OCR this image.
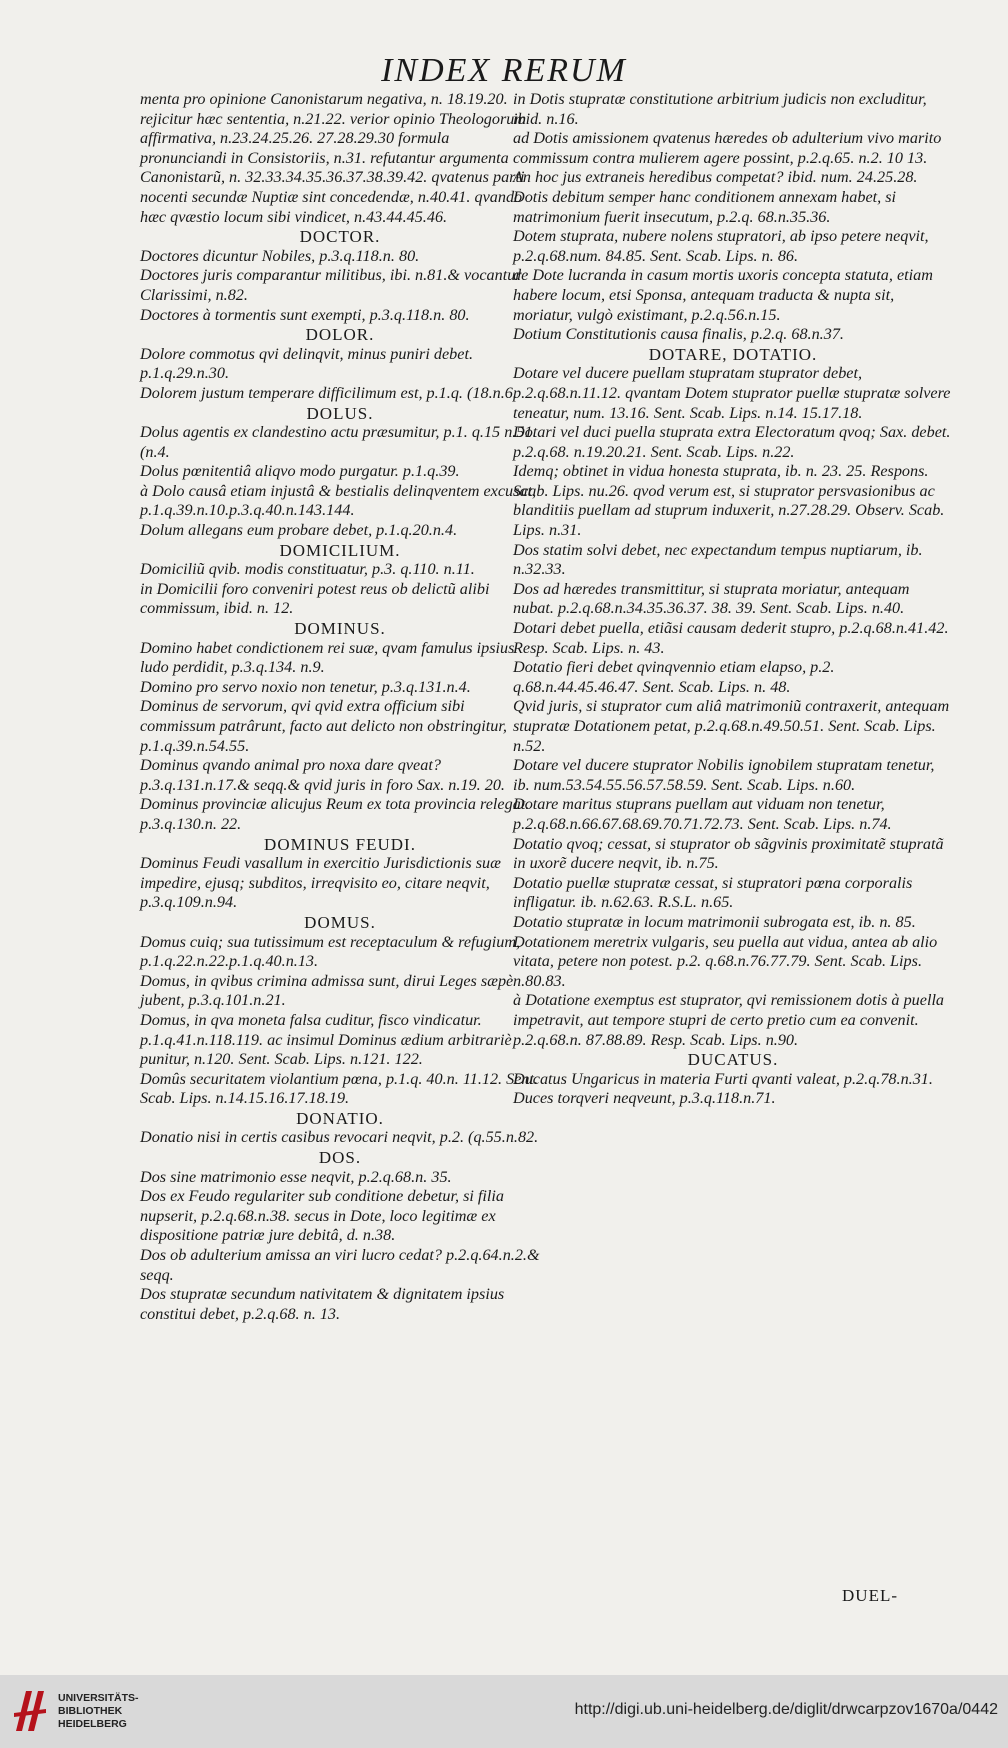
INDEX RERUM

menta pro opinione Canonistarum negativa, n. 18.19.20. rejicitur hæc sententia, n.21.22. verior opinio Theologorum affirmativa, n.23.24.25.26. 27.28.29.30 formula pronunciandi in Consistoriis, n.31. refutantur argumenta Canonistarũ, n. 32.33.34.35.36.37.38.39.42. qvatenus parti nocenti secundæ Nuptiæ sint concedendæ, n.40.41. qvando hæc qvæstio locum sibi vindicet, n.43.44.45.46.

DOCTOR.

Doctores dicuntur Nobiles, p.3.q.118.n. 80.

Doctores juris comparantur militibus, ibi. n.81.& vocantur Clarissimi, n.82.

Doctores à tormentis sunt exempti, p.3.q.118.n. 80.

DOLOR.

Dolore commotus qvi delinqvit, minus puniri debet. p.1.q.29.n.30.

Dolorem justum temperare difficilimum est, p.1.q. (18.n.6.

DOLUS.

Dolus agentis ex clandestino actu præsumitur, p.1. q.15 n.51. (n.4.

Dolus pœnitentiâ aliqvo modo purgatur. p.1.q.39.

à Dolo causâ etiam injustâ & bestialis delinqventem excusat, p.1.q.39.n.10.p.3.q.40.n.143.144.

Dolum allegans eum probare debet, p.1.q.20.n.4.

DOMICILIUM.

Domiciliũ qvib. modis constituatur, p.3. q.110. n.11.

in Domicilii foro conveniri potest reus ob delictũ alibi commissum, ibid. n. 12.

DOMINUS.

Domino habet condictionem rei suæ, qvam famulus ipsius ludo perdidit, p.3.q.134. n.9.

Domino pro servo noxio non tenetur, p.3.q.131.n.4.

Dominus de servorum, qvi qvid extra officium sibi commissum patrârunt, facto aut delicto non obstringitur, p.1.q.39.n.54.55.

Dominus qvando animal pro noxa dare qveat? p.3.q.131.n.17.& seqq.& qvid juris in foro Sax. n.19. 20.

Dominus provinciæ alicujus Reum ex tota provincia relegat. p.3.q.130.n. 22.

DOMINUS FEUDI.

Dominus Feudi vasallum in exercitio Jurisdictionis suæ impedire, ejusq; subditos, irreqvisito eo, citare neqvit, p.3.q.109.n.94.

DOMUS.

Domus cuiq; sua tutissimum est receptaculum & refugium, p.1.q.22.n.22.p.1.q.40.n.13.

Domus, in qvibus crimina admissa sunt, dirui Leges sæpè jubent, p.3.q.101.n.21.

Domus, in qva moneta falsa cuditur, fisco vindicatur. p.1.q.41.n.118.119. ac insimul Dominus ædium arbitrariè punitur, n.120. Sent. Scab. Lips. n.121. 122.

Domûs securitatem violantium pœna, p.1.q. 40.n. 11.12. Sent. Scab. Lips. n.14.15.16.17.18.19.

DONATIO.

Donatio nisi in certis casibus revocari neqvit, p.2. (q.55.n.82.

DOS.

Dos sine matrimonio esse neqvit, p.2.q.68.n. 35.

Dos ex Feudo regulariter sub conditione debetur, si filia nupserit, p.2.q.68.n.38. secus in Dote, loco legitimæ ex dispositione patriæ jure debitâ, d. n.38.

Dos ob adulterium amissa an viri lucro cedat? p.2.q.64.n.2.& seqq.

Dos stupratæ secundum nativitatem & dignitatem ipsius constitui debet, p.2.q.68. n. 13.

in Dotis stupratæ constitutione arbitrium judicis non excluditur, ibid. n.16.

ad Dotis amissionem qvatenus hæredes ob adulterium vivo marito commissum contra mulierem agere possint, p.2.q.65. n.2. 10 13.

An hoc jus extraneis heredibus competat? ibid. num. 24.25.28.

Dotis debitum semper hanc conditionem annexam habet, si matrimonium fuerit insecutum, p.2.q. 68.n.35.36.

Dotem stuprata, nubere nolens stupratori, ab ipso petere neqvit, p.2.q.68.num. 84.85. Sent. Scab. Lips. n. 86.

de Dote lucranda in casum mortis uxoris concepta statuta, etiam habere locum, etsi Sponsa, antequam traducta & nupta sit, moriatur, vulgò existimant, p.2.q.56.n.15.

Dotium Constitutionis causa finalis, p.2.q. 68.n.37.

DOTARE, DOTATIO.

Dotare vel ducere puellam stupratam stuprator debet, p.2.q.68.n.11.12. qvantam Dotem stuprator puellæ stupratæ solvere teneatur, num. 13.16. Sent. Scab. Lips. n.14. 15.17.18.

Dotari vel duci puella stuprata extra Electoratum qvoq; Sax. debet. p.2.q.68. n.19.20.21. Sent. Scab. Lips. n.22.

Idemq; obtinet in vidua honesta stuprata, ib. n. 23. 25. Respons. Scab. Lips. nu.26. qvod verum est, si stuprator persvasionibus ac blanditiis puellam ad stuprum induxerit, n.27.28.29. Observ. Scab. Lips. n.31.

Dos statim solvi debet, nec expectandum tempus nuptiarum, ib. n.32.33.

Dos ad hæredes transmittitur, si stuprata moriatur, antequam nubat. p.2.q.68.n.34.35.36.37. 38. 39. Sent. Scab. Lips. n.40.

Dotari debet puella, etiãsi causam dederit stupro, p.2.q.68.n.41.42. Resp. Scab. Lips. n. 43.

Dotatio fieri debet qvinqvennio etiam elapso, p.2. q.68.n.44.45.46.47. Sent. Scab. Lips. n. 48.

Qvid juris, si stuprator cum aliâ matrimoniũ contraxerit, antequam stupratæ Dotationem petat, p.2.q.68.n.49.50.51. Sent. Scab. Lips. n.52.

Dotare vel ducere stuprator Nobilis ignobilem stupratam tenetur, ib. num.53.54.55.56.57.58.59. Sent. Scab. Lips. n.60.

Dotare maritus stuprans puellam aut viduam non tenetur, p.2.q.68.n.66.67.68.69.70.71.72.73. Sent. Scab. Lips. n.74.

Dotatio qvoq; cessat, si stuprator ob sãgvinis proximitatẽ stupratã in uxorẽ ducere neqvit, ib. n.75.

Dotatio puellæ stupratæ cessat, si stupratori pœna corporalis infligatur. ib. n.62.63. R.S.L. n.65.

Dotatio stupratæ in locum matrimonii subrogata est, ib. n. 85.

Dotationem meretrix vulgaris, seu puella aut vidua, antea ab alio vitata, petere non potest. p.2. q.68.n.76.77.79. Sent. Scab. Lips. n.80.83.

à Dotatione exemptus est stuprator, qvi remissionem dotis à puella impetravit, aut tempore stupri de certo pretio cum ea convenit. p.2.q.68.n. 87.88.89. Resp. Scab. Lips. n.90.

DUCATUS.

Ducatus Ungaricus in materia Furti qvanti valeat, p.2.q.78.n.31.

Duces torqveri neqveunt, p.3.q.118.n.71.

DUEL-
UNIVERSITÄTS-
BIBLIOTHEK
HEIDELBERG
http://digi.ub.uni-heidelberg.de/diglit/drwcarpzov1670a/0442
